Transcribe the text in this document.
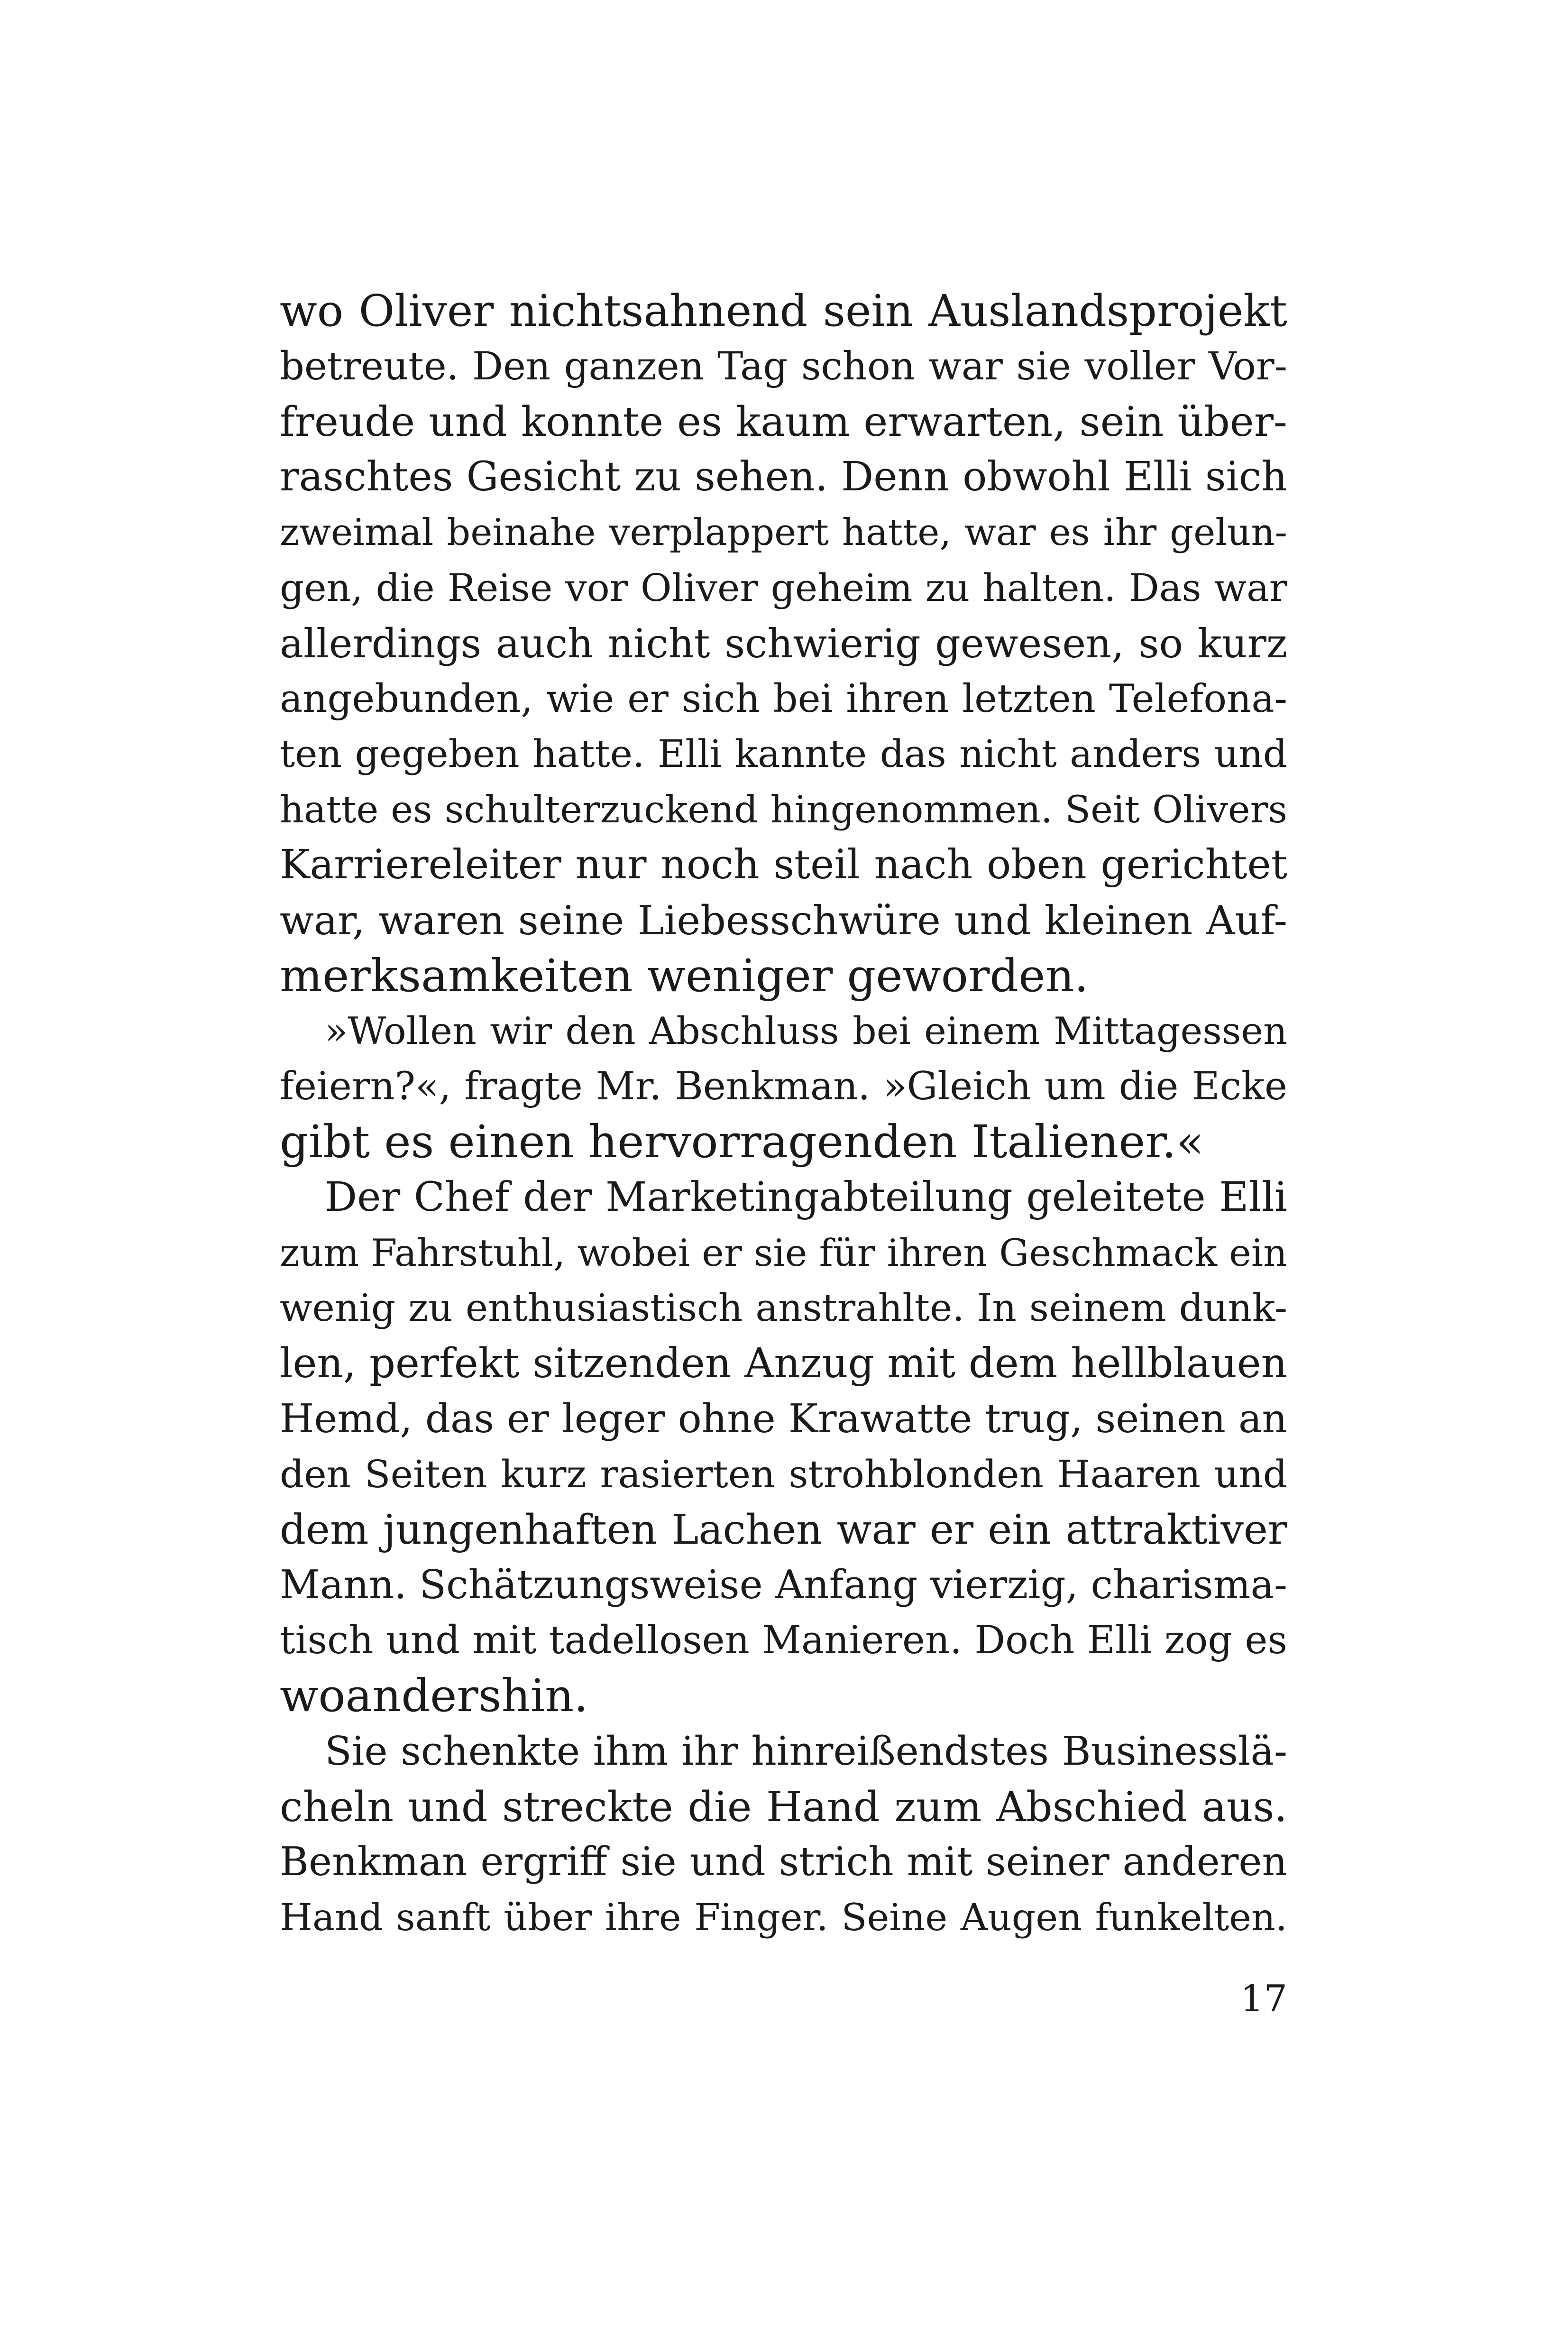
wo Oliver nichtsahnend sein Auslandsprojekt
betreute. Den ganzen Tag schon war sie voller Vor-
freude und konnte es kaum erwarten, sein über-
raschtes Gesicht zu sehen. Denn obwohl Elli sich
zweimal beinahe verplappert hatte, war es ihr gelun-
gen, die Reise vor Oliver geheim zu halten. Das war
allerdings auch nicht schwierig gewesen, so kurz
angebunden, wie er sich bei ihren letzten Telefona-
ten gegeben hatte. Elli kannte das nicht anders und
hatte es schulterzuckend hingenommen. Seit Olivers
Karriereleiter nur noch steil nach oben gerichtet
war, waren seine Liebesschwüre und kleinen Auf-
merksamkeiten weniger geworden.
»Wollen wir den Abschluss bei einem Mittagessen
feiern?«, fragte Mr. Benkman. »Gleich um die Ecke
gibt es einen hervorragenden Italiener.«
Der Chef der Marketingabteilung geleitete Elli
zum Fahrstuhl, wobei er sie für ihren Geschmack ein
wenig zu enthusiastisch anstrahlte. In seinem dunk-
len, perfekt sitzenden Anzug mit dem hellblauen
Hemd, das er leger ohne Krawatte trug, seinen an
den Seiten kurz rasierten strohblonden Haaren und
dem jungenhaften Lachen war er ein attraktiver
Mann. Schätzungsweise Anfang vierzig, charisma-
tisch und mit tadellosen Manieren. Doch Elli zog es
woandershin.
Sie schenkte ihm ihr hinreißendstes Businesslä-
cheln und streckte die Hand zum Abschied aus.
Benkman ergriff sie und strich mit seiner anderen
Hand sanft über ihre Finger. Seine Augen funkelten.
17
